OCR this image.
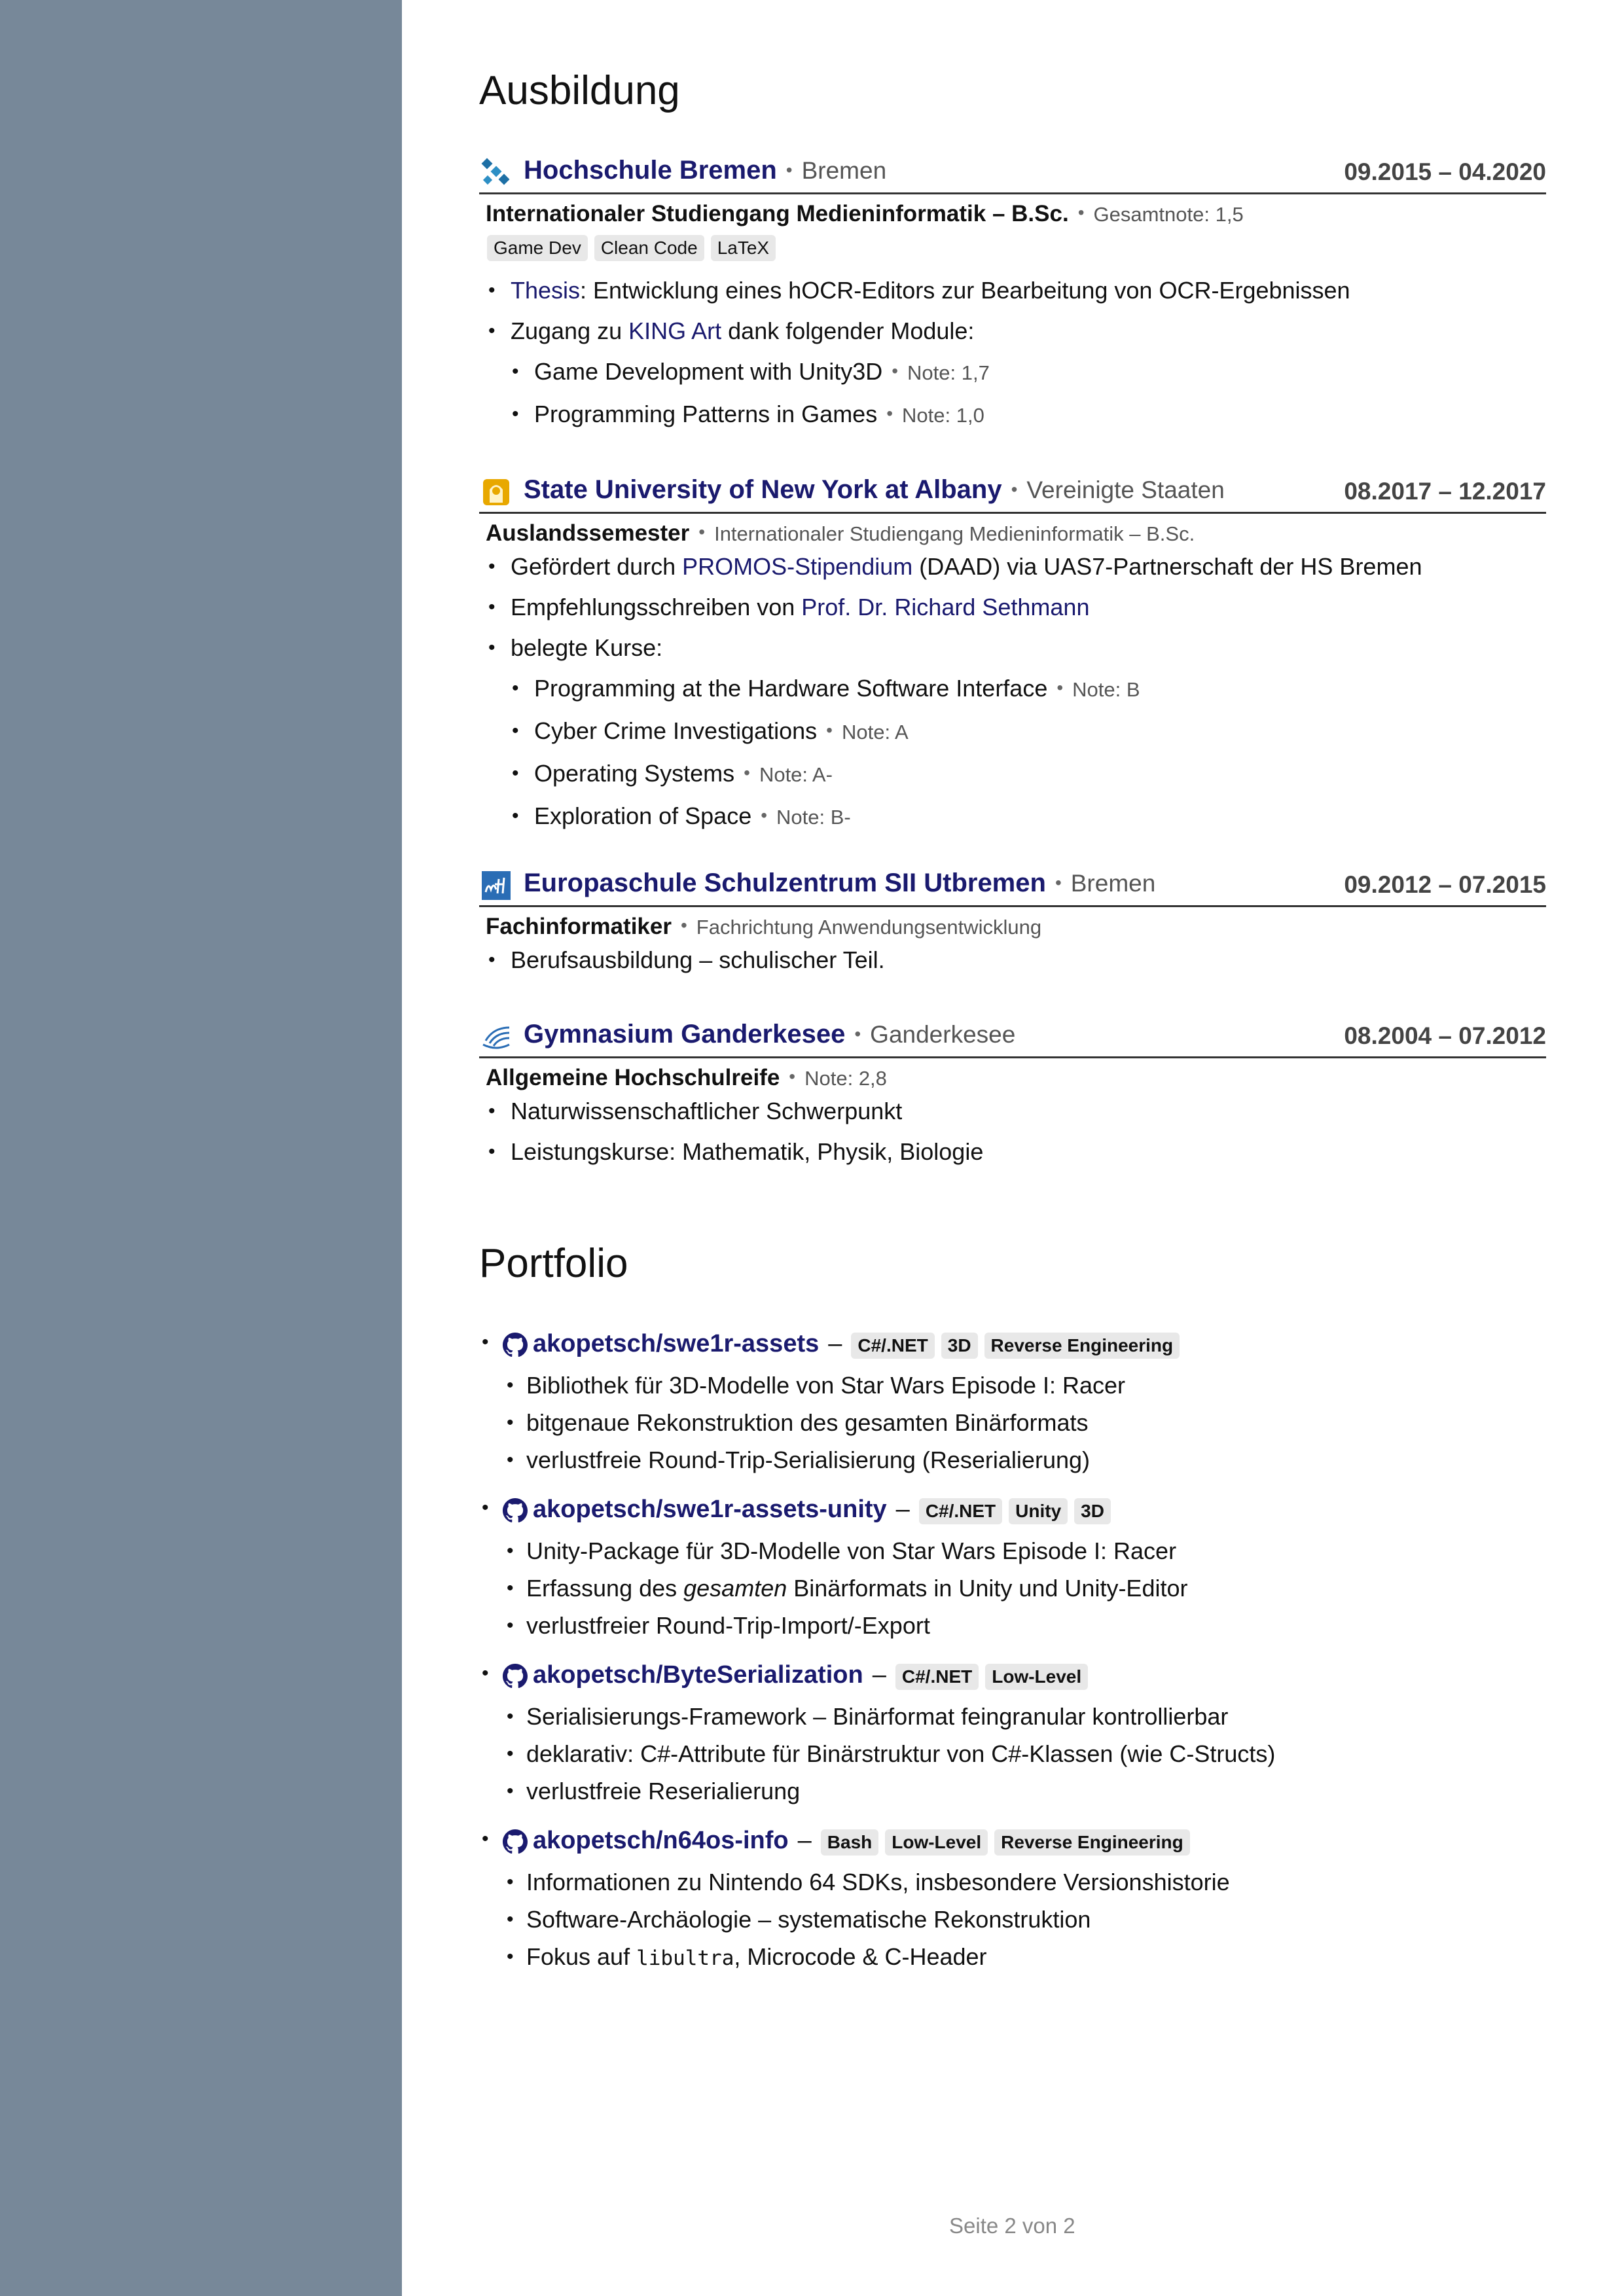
Ausbildung
Hochschule Bremen • Bremen	09.2015 – 04.2020
Internationaler Studiengang Medieninformatik – B.Sc. • Gesamtnote: 1,5
Game Dev Clean Code LaTeX
• Thesis: Entwicklung eines hOCR-Editors zur Bearbeitung von OCR-Ergebnissen
• Zugang zu KING Art dank folgender Module:
• Game Development with Unity3D • Note: 1,7
• Programming Patterns in Games • Note: 1,0
State University of New York at Albany • Vereinigte Staaten	08.2017 – 12.2017
Auslandssemester • Internationaler Studiengang Medieninformatik – B.Sc.
• Gefördert durch PROMOS-Stipendium (DAAD) via UAS7-Partnerschaft der HS Bremen
• Empfehlungsschreiben von Prof. Dr. Richard Sethmann
• belegte Kurse:
• Programming at the Hardware Software Interface • Note: B
• Cyber Crime Investigations • Note: A
• Operating Systems • Note: A-
• Exploration of Space • Note: B-
Europaschule Schulzentrum SII Utbremen • Bremen	09.2012 – 07.2015
Fachinformatiker • Fachrichtung Anwendungsentwicklung
• Berufsausbildung – schulischer Teil.
Gymnasium Ganderkesee • Ganderkesee	08.2004 – 07.2012
Allgemeine Hochschulreife • Note: 2,8
• Naturwissenschaftlicher Schwerpunkt
• Leistungskurse: Mathematik, Physik, Biologie
Portfolio
• akopetsch/swe1r-assets – C#/.NET 3D Reverse Engineering
• Bibliothek für 3D-Modelle von Star Wars Episode I: Racer
• bitgenaue Rekonstruktion des gesamten Binärformats
• verlustfreie Round-Trip-Serialisierung (Reserialierung)
• akopetsch/swe1r-assets-unity – C#/.NET Unity 3D
• Unity-Package für 3D-Modelle von Star Wars Episode I: Racer
• Erfassung des gesamten Binärformats in Unity und Unity-Editor
• verlustfreier Round-Trip-Import/-Export
• akopetsch/ByteSerialization – C#/.NET Low-Level
• Serialisierungs-Framework – Binärformat feingranular kontrollierbar
• deklarativ: C#-Attribute für Binärstruktur von C#-Klassen (wie C-Structs)
• verlustfreie Reserialierung
• akopetsch/n64os-info – Bash Low-Level Reverse Engineering
• Informationen zu Nintendo 64 SDKs, insbesondere Versionshistorie
• Software-Archäologie – systematische Rekonstruktion
• Fokus auf libultra, Microcode & C-Header
Seite 2 von 2
